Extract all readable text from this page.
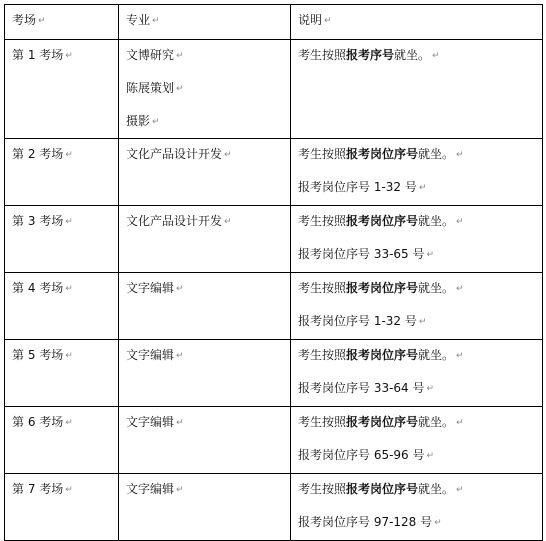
考场 ↵	专业 ↵	说明 ↵

第 1 考场 ↵	文博研究 ↵
陈展策划 ↵
摄影 ↵	考生按照报考序号就坐。 ↵

第 2 考场 ↵	文化产品设计开发 ↵	考生按照报考岗位序号就坐。 ↵
报考岗位序号 1-32 号 ↵

第 3 考场 ↵	文化产品设计开发 ↵	考生按照报考岗位序号就坐。 ↵
报考岗位序号 33-65 号 ↵

第 4 考场 ↵	文字编辑 ↵	考生按照报考岗位序号就坐。 ↵
报考岗位序号 1-32 号 ↵

第 5 考场 ↵	文字编辑 ↵	考生按照报考岗位序号就坐。 ↵
报考岗位序号 33-64 号 ↵

第 6 考场 ↵	文字编辑 ↵	考生按照报考岗位序号就坐。 ↵
报考岗位序号 65-96 号 ↵

第 7 考场 ↵	文字编辑 ↵	考生按照报考岗位序号就坐。 ↵
报考岗位序号 97-128 号 ↵
